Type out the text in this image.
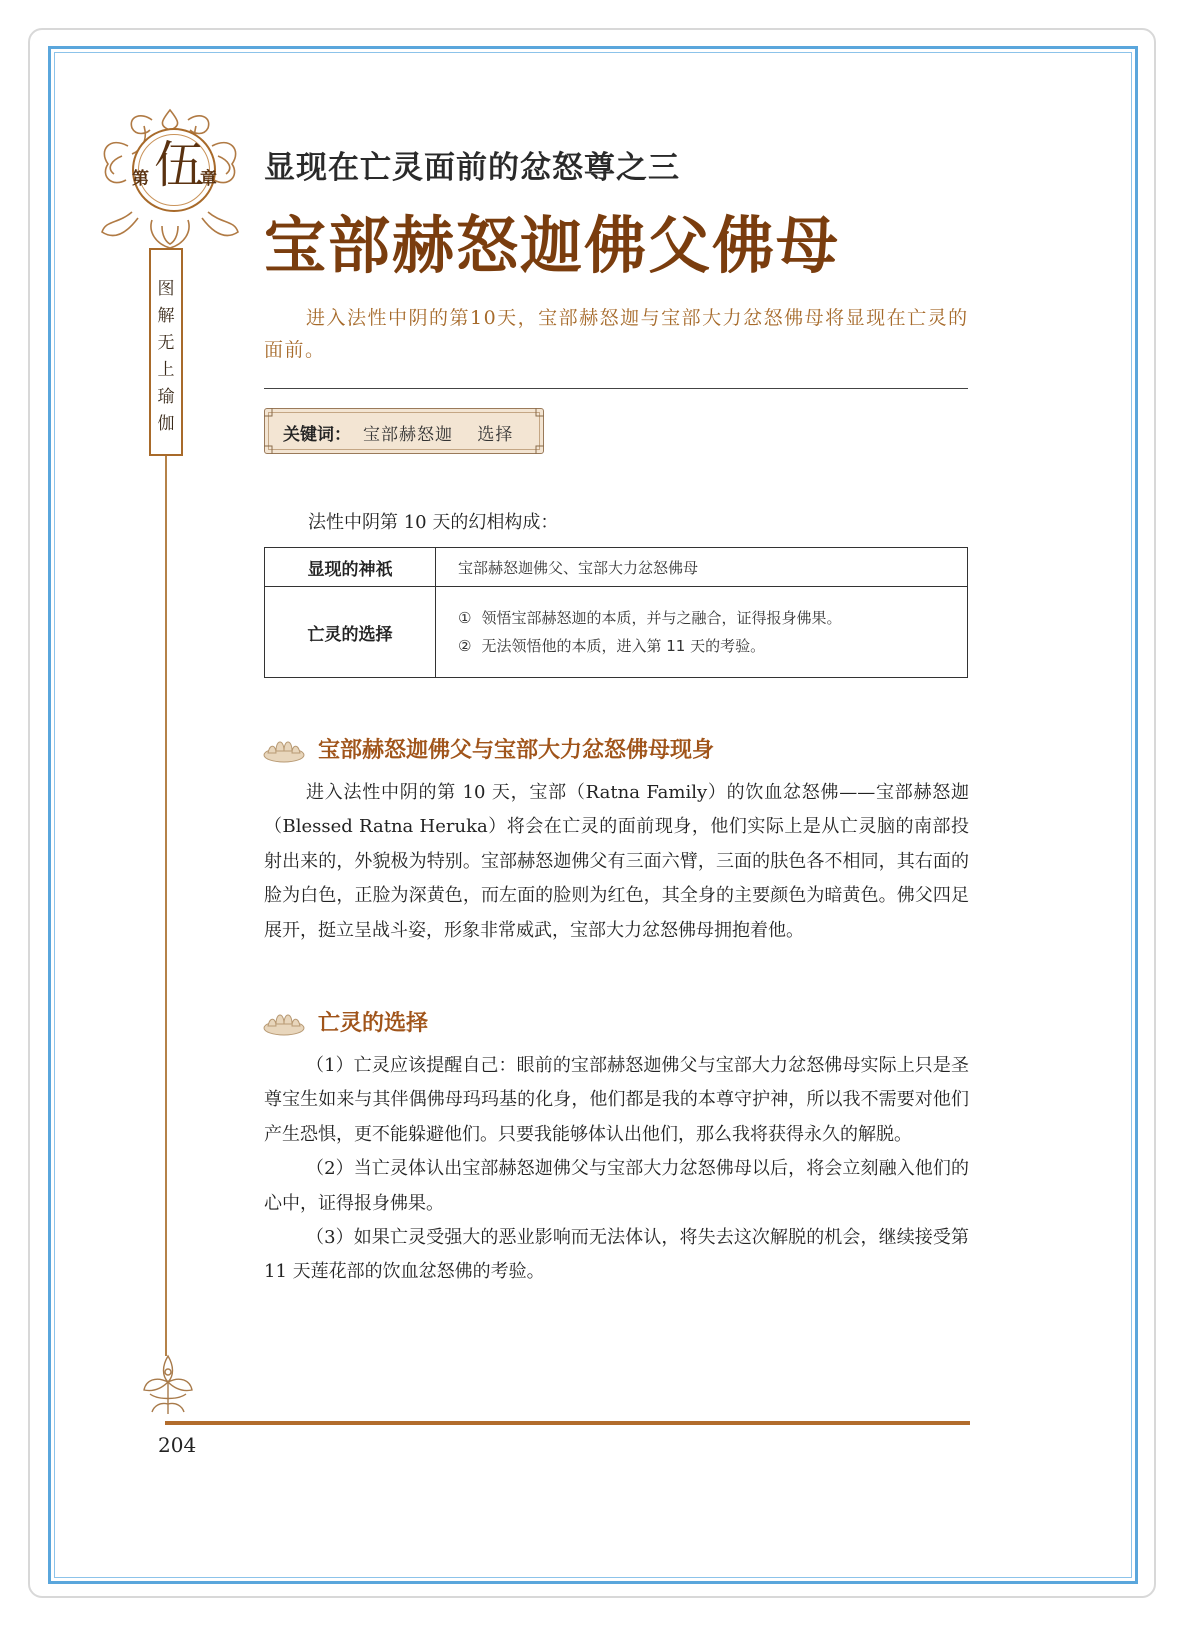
第 伍
章
图解无上瑜伽
显现在亡灵面前的忿怒尊之三
宝部赫怒迦佛父佛母
进入法性中阴的第10天，宝部赫怒迦与宝部大力忿怒佛母将显现在亡灵的面前。
关键词： 宝部赫怒迦 选择
法性中阴第 10 天的幻相构成：
显现的神祇	宝部赫怒迦佛父、宝部大力忿怒佛母
亡灵的选择	① 领悟宝部赫怒迦的本质，并与之融合，证得报身佛果。
② 无法领悟他的本质，进入第 11 天的考验。
宝部赫怒迦佛父与宝部大力忿怒佛母现身

进入法性中阴的第 10 天，宝部（Ratna Family）的饮血忿怒佛——宝部赫怒迦 （Blessed Ratna Heruka）将会在亡灵的面前现身，他们实际上是从亡灵脑的南部投射出来的，外貌极为特别。宝部赫怒迦佛父有三面六臂，三面的肤色各不相同，其右面的脸为白色，正脸为深黄色，而左面的脸则为红色，其全身的主要颜色为暗黄色。佛父四足展开，挺立呈战斗姿，形象非常威武，宝部大力忿怒佛母拥抱着他。

亡灵的选择

（1）亡灵应该提醒自己：眼前的宝部赫怒迦佛父与宝部大力忿怒佛母实际上只是圣尊宝生如来与其伴偶佛母玛玛基的化身，他们都是我的本尊守护神，所以我不需要对他们产生恐惧，更不能躲避他们。只要我能够体认出他们，那么我将获得永久的解脱。

（2）当亡灵体认出宝部赫怒迦佛父与宝部大力忿怒佛母以后，将会立刻融入他们的心中，证得报身佛果。

（3）如果亡灵受强大的恶业影响而无法体认，将失去这次解脱的机会，继续接受第 11 天莲花部的饮血忿怒佛的考验。

204
